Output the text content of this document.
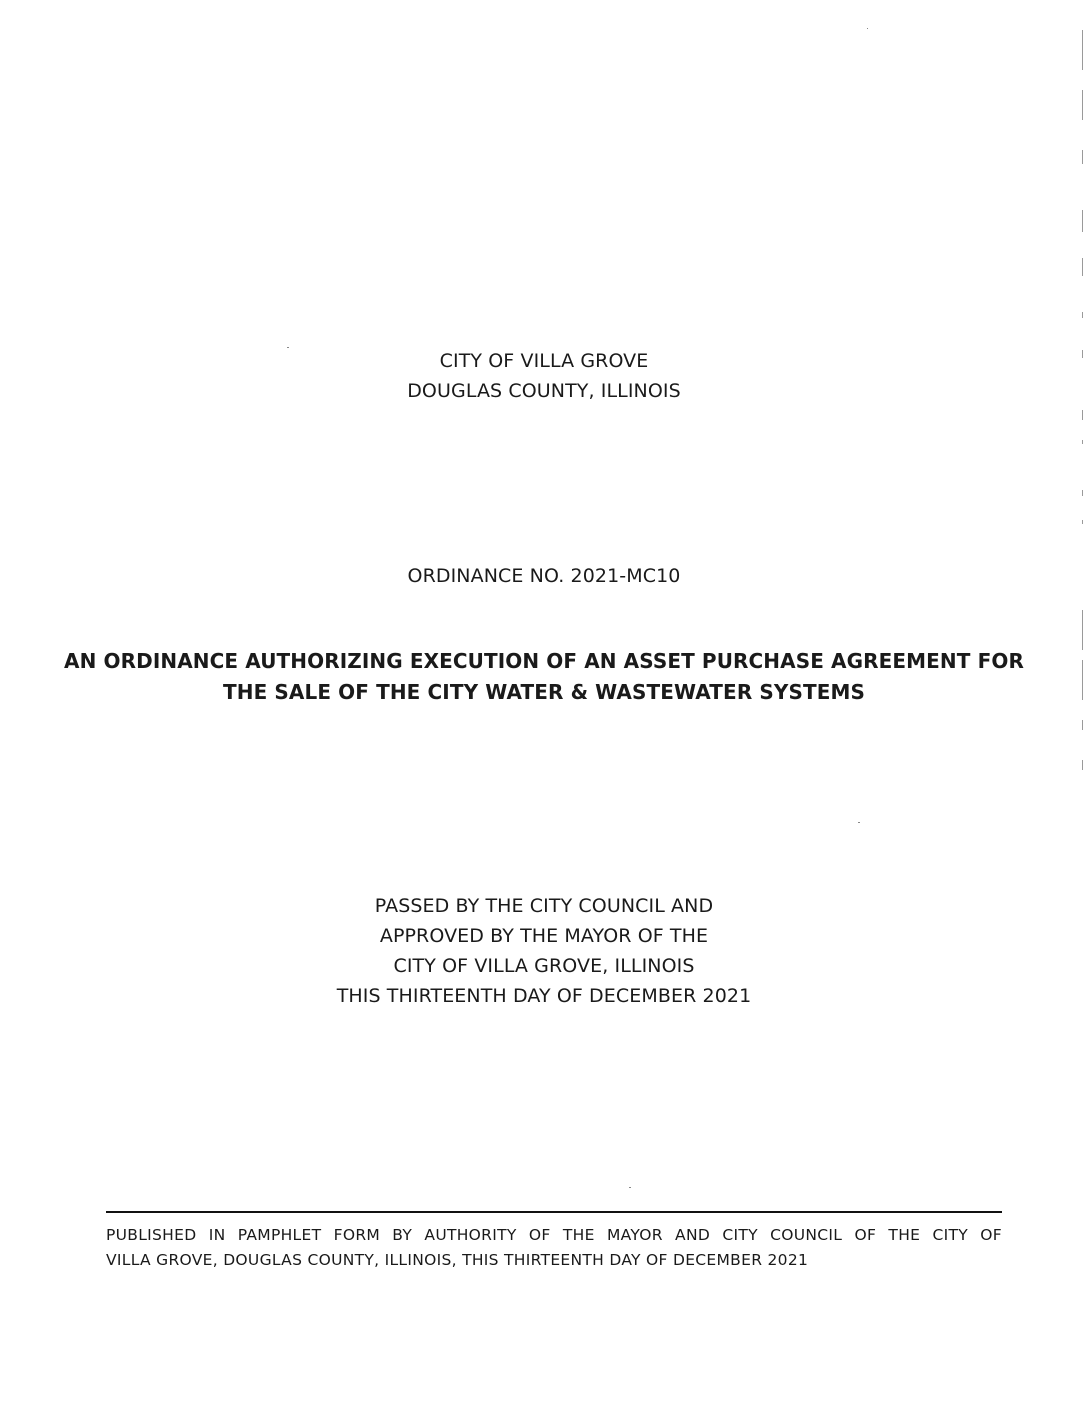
CITY OF VILLA GROVE
DOUGLAS COUNTY, ILLINOIS
ORDINANCE NO. 2021-MC10
AN ORDINANCE AUTHORIZING EXECUTION OF AN ASSET PURCHASE AGREEMENT FOR
THE SALE OF THE CITY WATER & WASTEWATER SYSTEMS
PASSED BY THE CITY COUNCIL AND
APPROVED BY THE MAYOR OF THE
CITY OF VILLA GROVE, ILLINOIS
THIS THIRTEENTH DAY OF DECEMBER 2021
PUBLISHED IN PAMPHLET FORM BY AUTHORITY OF THE MAYOR AND CITY COUNCIL OF THE CITY OF
VILLA GROVE, DOUGLAS COUNTY, ILLINOIS, THIS THIRTEENTH DAY OF DECEMBER 2021
